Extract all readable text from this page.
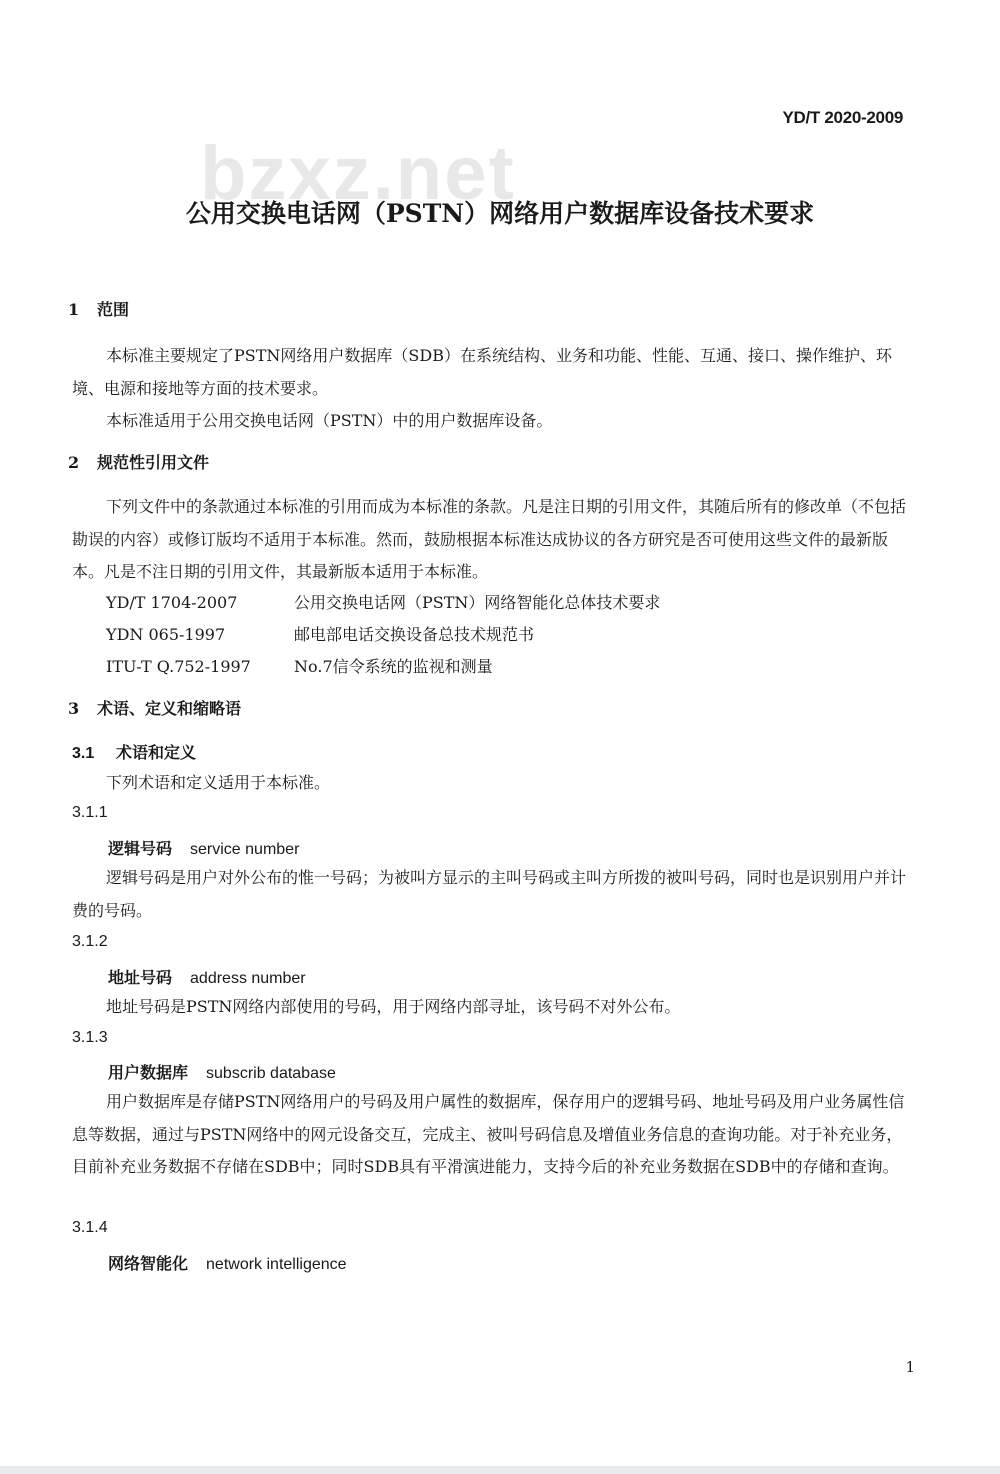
YD/T 2020-2009
bzxz.net
公用交换电话网（PSTN）网络用户数据库设备技术要求
1 范围
本标准主要规定了PSTN网络用户数据库（SDB）在系统结构、业务和功能、性能、互通、接口、操作维护、环境、电源和接地等方面的技术要求。
本标准适用于公用交换电话网（PSTN）中的用户数据库设备。
2 规范性引用文件
下列文件中的条款通过本标准的引用而成为本标准的条款。凡是注日期的引用文件，其随后所有的修改单（不包括勘误的内容）或修订版均不适用于本标准。然而，鼓励根据本标准达成协议的各方研究是否可使用这些文件的最新版本。凡是不注日期的引用文件，其最新版本适用于本标准。
YD/T 1704-2007	公用交换电话网（PSTN）网络智能化总体技术要求
YDN 065-1997	邮电部电话交换设备总技术规范书
ITU-T Q.752-1997	No.7信令系统的监视和测量
3 术语、定义和缩略语
3.1 术语和定义
下列术语和定义适用于本标准。
3.1.1
逻辑号码 service number
逻辑号码是用户对外公布的惟一号码；为被叫方显示的主叫号码或主叫方所拨的被叫号码，同时也是识别用户并计费的号码。
3.1.2
地址号码 address number
地址号码是PSTN网络内部使用的号码，用于网络内部寻址，该号码不对外公布。
3.1.3
用户数据库 subscrib database
用户数据库是存储PSTN网络用户的号码及用户属性的数据库，保存用户的逻辑号码、地址号码及用户业务属性信息等数据，通过与PSTN网络中的网元设备交互，完成主、被叫号码信息及增值业务信息的查询功能。对于补充业务，目前补充业务数据不存储在SDB中；同时SDB具有平滑演进能力，支持今后的补充业务数据在SDB中的存储和查询。
3.1.4
网络智能化 network intelligence
1
